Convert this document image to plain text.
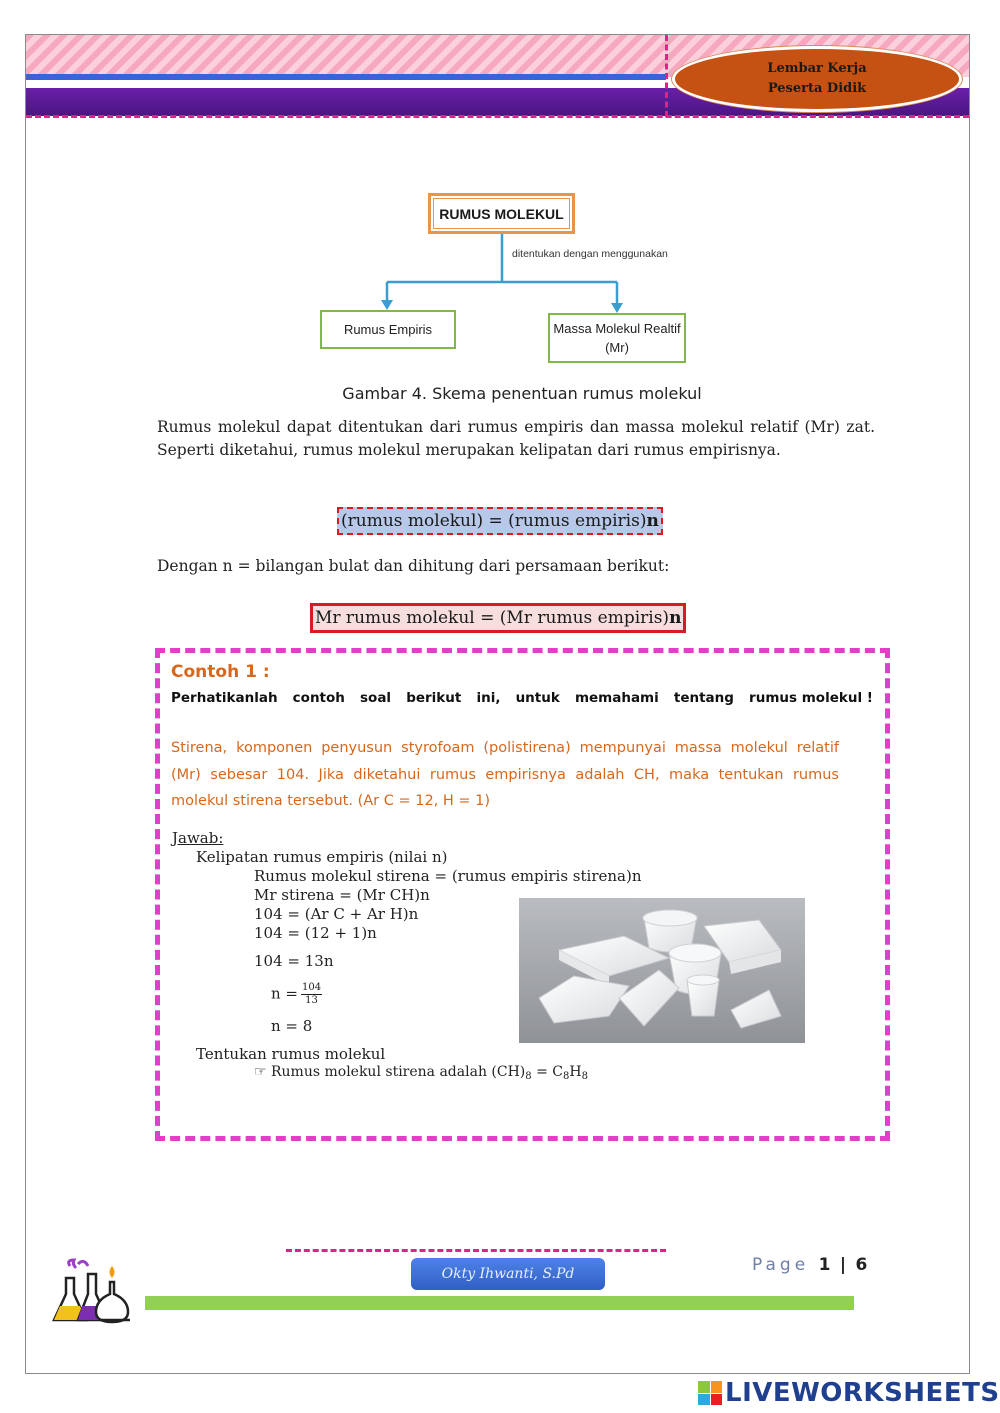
Lembar Kerja
Peserta Didik
RUMUS MOLEKUL
ditentukan dengan menggunakan
Rumus Empiris	Massa Molekul Realtif
(Mr)
Gambar 4. Skema penentuan rumus molekul
Rumus molekul dapat ditentukan dari rumus empiris dan massa molekul relatif (Mr) zat. Seperti diketahui, rumus molekul merupakan kelipatan dari rumus empirisnya.
(rumus molekul) = (rumus empiris)n
Dengan n = bilangan bulat dan dihitung dari persamaan berikut:
Mr rumus molekul = (Mr rumus empiris)n
Contoh 1 :
Perhatikanlah contoh soal berikut ini, untuk memahami tentang rumus molekul !
Stirena, komponen penyusun styrofoam (polistirena) mempunyai massa molekul relatif (Mr) sebesar 104. Jika diketahui rumus empirisnya adalah CH, maka tentukan rumus molekul stirena tersebut. (Ar C = 12, H = 1)
Jawab:
Kelipatan rumus empiris (nilai n)
Rumus molekul stirena = (rumus empiris stirena)n
Mr stirena = (Mr CH)n
104 = (Ar C + Ar H)n
104 = (12 + 1)n
104 = 13n
$n = \frac{104}{13}$
n = 8
Tentukan rumus molekul
☞ Rumus molekul stirena adalah $(CH)_8 = C_8H_8$
Okty Ihwanti, S.Pd	Page 1 | 6
LIVEWORKSHEETS
